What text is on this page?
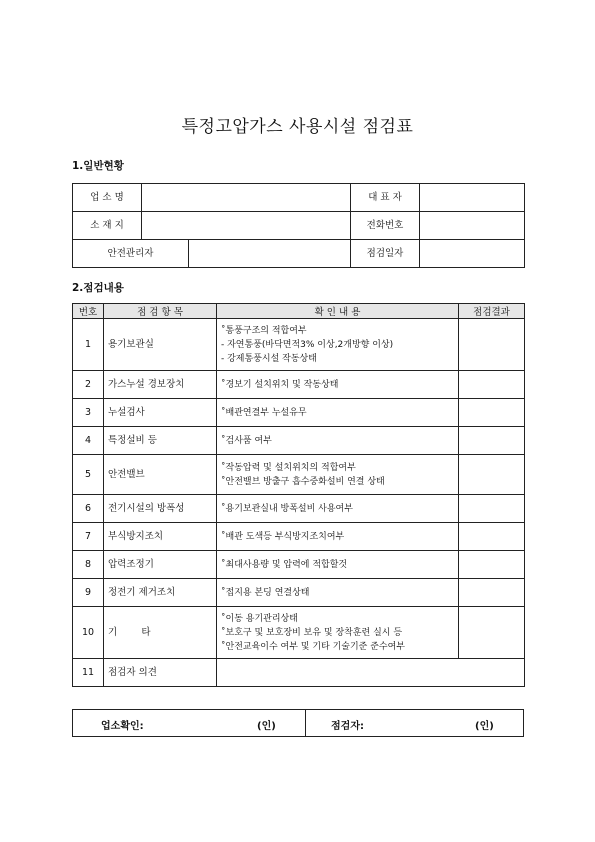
특정고압가스 사용시설 점검표
1.일반현황
업 소 명		대 표 자	
소 재 지		전화번호	

안전관리자		점검일자	
2.점검내용
번호	점 검 항 목	확 인 내 용	점검결과
1	용기보관실	˚통풍구조의 적합여부
- 자연통풍(바닥면적3% 이상,2개방향 이상)
- 강제통풍시설 작동상태	

2	가스누설 경보장치	˚경보기 설치위치 및 작동상태	

3	누설검사	˚배관연결부 누설유무	

4	특정설비 등	˚검사품 여부	

5	안전밸브	˚작동압력 및 설치위치의 적합여부
˚안전밸브 방출구 흡수중화설비 연결 상태	

6	전기시설의 방폭성	˚용기보관실내 방폭설비 사용여부	

7	부식방지조치	˚배관 도색등 부식방지조치여부	

8	압력조정기	˚최대사용량 및 압력에 적합할것	

9	정전기 제거조치	˚접지용 본딩 연결상태	

10	기        타	˚이동 용기관리상태
˚보호구 및 보호장비 보유 및 장착훈련 실시 등
˚안전교육이수 여부 및 기타 기술기준 준수여부	

11	점검자 의견		
업소확인:	(인)	점검자:	(인)
